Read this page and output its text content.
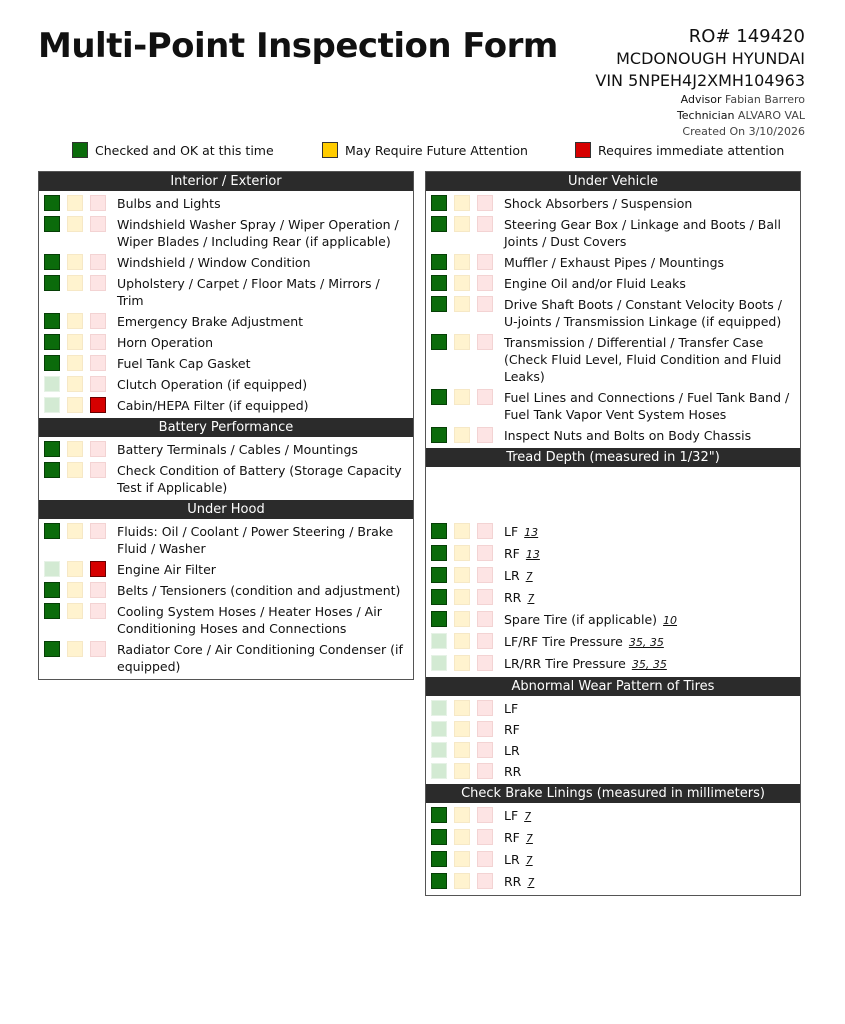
Multi-Point Inspection Form	RO# 149420
MCDONOUGH HYUNDAI
VIN 5NPEH4J2XMH104963
Advisor Fabian Barrero
Technician ALVARO VAL
Created On 3/10/2026
Checked and OK at this time	May Require Future Attention	Requires immediate attention
Interior / Exterior
Bulbs and Lights
Windshield Washer Spray / Wiper Operation / Wiper Blades / Including Rear (if applicable)
Windshield / Window Condition
Upholstery / Carpet / Floor Mats / Mirrors / Trim
Emergency Brake Adjustment
Horn Operation
Fuel Tank Cap Gasket
Clutch Operation (if equipped)
Cabin/HEPA Filter (if equipped)
Battery Performance
Battery Terminals / Cables / Mountings
Check Condition of Battery (Storage Capacity Test if Applicable)
Under Hood
Fluids: Oil / Coolant / Power Steering / Brake Fluid / Washer
Engine Air Filter
Belts / Tensioners (condition and adjustment)
Cooling System Hoses / Heater Hoses / Air Conditioning Hoses and Connections
Radiator Core / Air Conditioning Condenser (if equipped)
Under Vehicle
Shock Absorbers / Suspension
Steering Gear Box / Linkage and Boots / Ball Joints / Dust Covers
Muffler / Exhaust Pipes / Mountings
Engine Oil and/or Fluid Leaks
Drive Shaft Boots / Constant Velocity Boots / U-joints / Transmission Linkage (if equipped)
Transmission / Differential / Transfer Case (Check Fluid Level, Fluid Condition and Fluid Leaks)
Fuel Lines and Connections / Fuel Tank Band / Fuel Tank Vapor Vent System Hoses
Inspect Nuts and Bolts on Body Chassis
Tread Depth (measured in 1/32")
LF 13
RF 13
LR 7
RR 7
Spare Tire (if applicable) 10
LF/RF Tire Pressure 35, 35
LR/RR Tire Pressure 35, 35
Abnormal Wear Pattern of Tires
LF
RF
LR
RR
Check Brake Linings (measured in millimeters)
LF 7
RF 7
LR 7
RR 7
